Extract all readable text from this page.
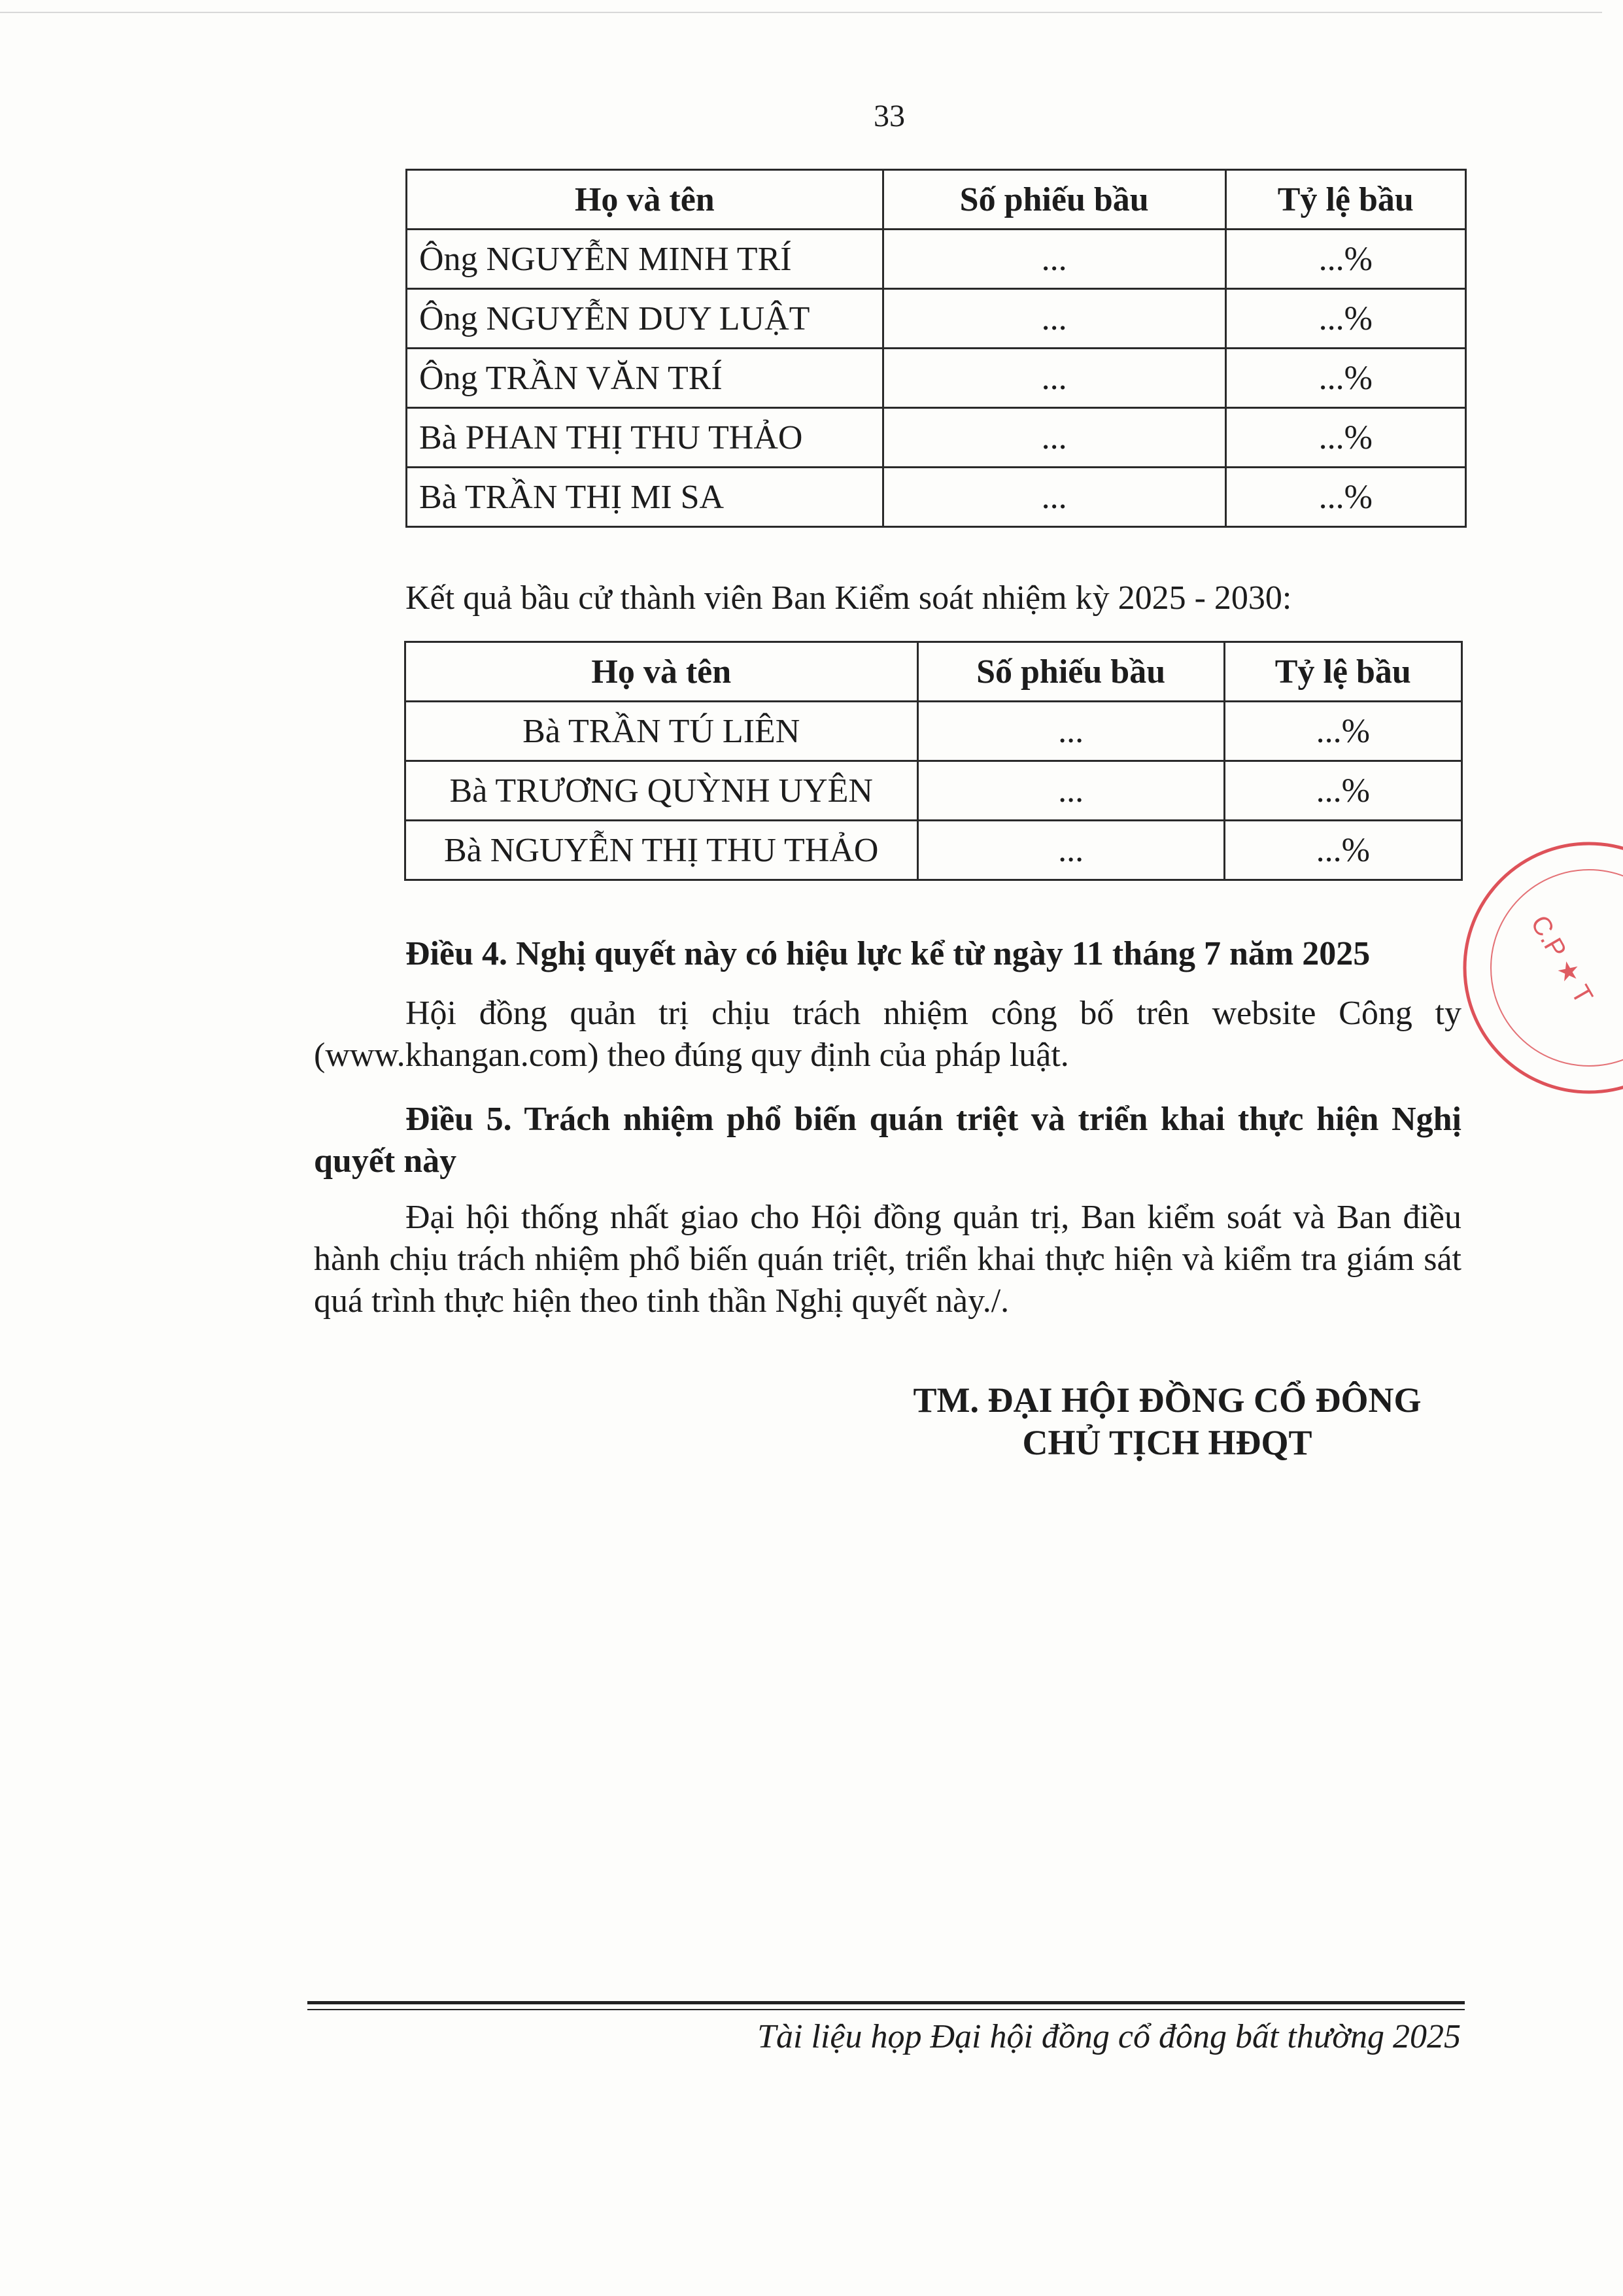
33
Họ và tên	Số phiếu bầu	Tỷ lệ bầu
Ông NGUYỄN MINH TRÍ	...	...%
Ông NGUYỄN DUY LUẬT	...	...%
Ông TRẦN VĂN TRÍ	...	...%
Bà PHAN THỊ THU THẢO	...	...%
Bà TRẦN THỊ MI SA	...	...%
Kết quả bầu cử thành viên Ban Kiểm soát nhiệm kỳ 2025 - 2030:
Họ và tên	Số phiếu bầu	Tỷ lệ bầu
Bà TRẦN TÚ LIÊN	...	...%
Bà TRƯƠNG QUỲNH UYÊN	...	...%
Bà NGUYỄN THỊ THU THẢO	...	...%
Điều 4. Nghị quyết này có hiệu lực kể từ ngày 11 tháng 7 năm 2025
Hội đồng quản trị chịu trách nhiệm công bố trên website Công ty (www.khangan.com) theo đúng quy định của pháp luật.
Điều 5. Trách nhiệm phổ biến quán triệt và triển khai thực hiện Nghị quyết này
Đại hội thống nhất giao cho Hội đồng quản trị, Ban kiểm soát và Ban điều hành chịu trách nhiệm phổ biến quán triệt, triển khai thực hiện và kiểm tra giám sát quá trình thực hiện theo tinh thần Nghị quyết này./.
TM. ĐẠI HỘI ĐỒNG CỔ ĐÔNG
CHỦ TỊCH HĐQT
C.P ★ T
Tài liệu họp Đại hội đồng cổ đông bất thường 2025
